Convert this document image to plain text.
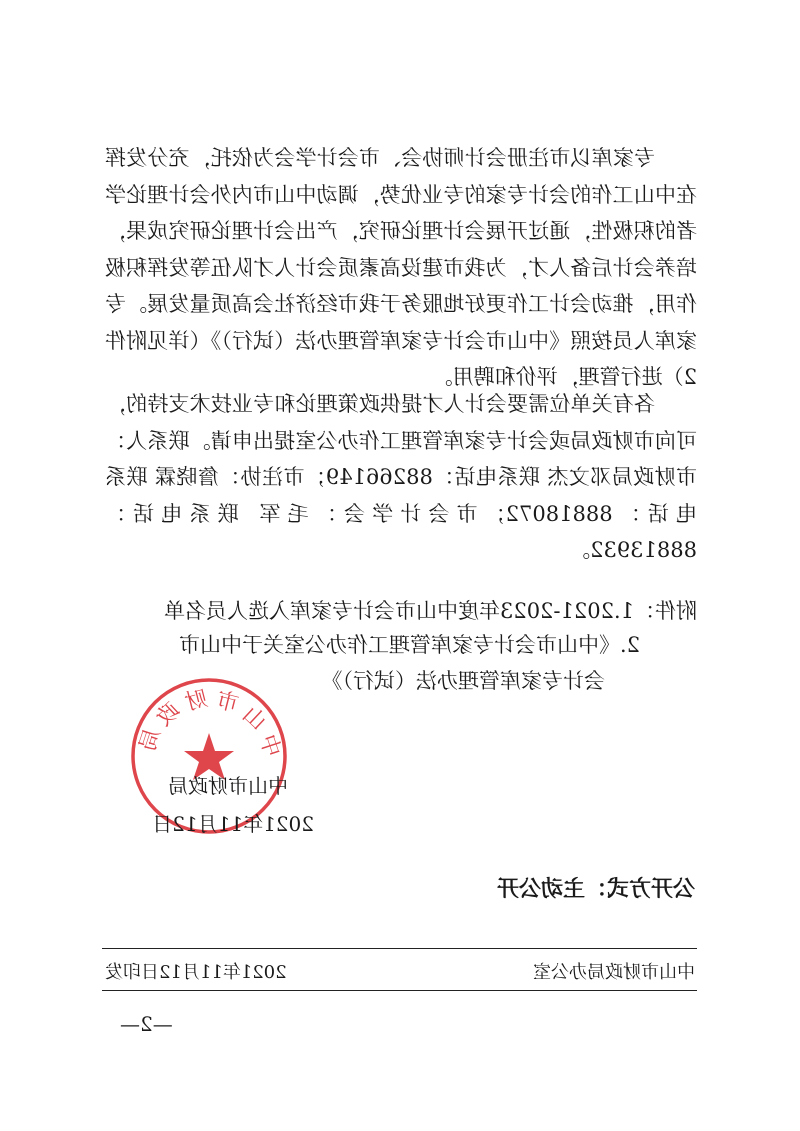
专家库以市注册会计师协会、市会计学会为依托，充分发挥在中山工作的会计专家的专业优势，调动中山市内外会计理论学者的积极性，通过开展会计理论研究，产出会计理论研究成果，培养会计后备人才，为我市建设高素质会计人才队伍等发挥积极作用，推动会计工作更好地服务于我市经济社会高质量发展。专家库人员按照《中山市会计专家库管理办法（试行）》（详见附件2）进行管理，评价和聘用。

各有关单位需要会计人才提供政策理论和专业技术支持的，可向市财政局或会计专家库管理工作办公室提出申请。联系人：市财政局邓文杰 联系电话：88266149；市注协：詹晓霖 联系电话：88818072；市会计学会：毛军 联系电话：88813932。

附件：1.2021-2023年度中山市会计专家库入选人员名单
2.《中山市会计专家库管理工作办公室关于中山市
会计专家库管理办法（试行）》
中山市财政局
中山市财政局
2021年11月12日
公开方式：主动公开
中山市财政局办公室
2021年11月12日印发
—2—
